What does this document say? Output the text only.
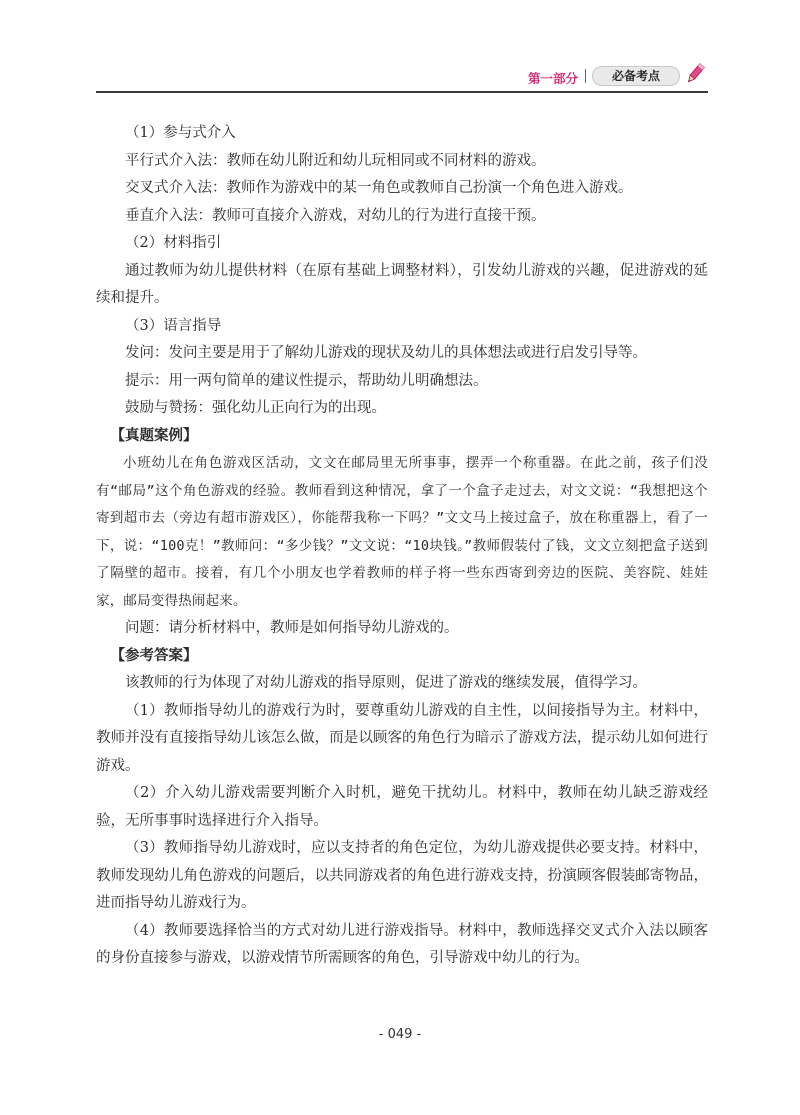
第一部分	必备考点

（1）参与式介入

平行式介入法：教师在幼儿附近和幼儿玩相同或不同材料的游戏。

交叉式介入法：教师作为游戏中的某一角色或教师自己扮演一个角色进入游戏。

垂直介入法：教师可直接介入游戏，对幼儿的行为进行直接干预。

（2）材料指引

通过教师为幼儿提供材料（在原有基础上调整材料），引发幼儿游戏的兴趣，促进游戏的延续和提升。

（3）语言指导

发问：发问主要是用于了解幼儿游戏的现状及幼儿的具体想法或进行启发引导等。

提示：用一两句简单的建议性提示，帮助幼儿明确想法。

鼓励与赞扬：强化幼儿正向行为的出现。

【真题案例】

小班幼儿在角色游戏区活动，文文在邮局里无所事事，摆弄一个称重器。在此之前，孩子们没有“邮局”这个角色游戏的经验。教师看到这种情况，拿了一个盒子走过去，对文文说：“我想把这个寄到超市去（旁边有超市游戏区），你能帮我称一下吗？”文文马上接过盒子，放在称重器上，看了一下，说：“100克！”教师问：“多少钱？”文文说：“10块钱。”教师假装付了钱，文文立刻把盒子送到了隔壁的超市。接着，有几个小朋友也学着教师的样子将一些东西寄到旁边的医院、美容院、娃娃家，邮局变得热闹起来。

问题：请分析材料中，教师是如何指导幼儿游戏的。

【参考答案】

该教师的行为体现了对幼儿游戏的指导原则，促进了游戏的继续发展，值得学习。

（1）教师指导幼儿的游戏行为时，要尊重幼儿游戏的自主性，以间接指导为主。材料中，教师并没有直接指导幼儿该怎么做，而是以顾客的角色行为暗示了游戏方法，提示幼儿如何进行游戏。

（2）介入幼儿游戏需要判断介入时机，避免干扰幼儿。材料中，教师在幼儿缺乏游戏经验，无所事事时选择进行介入指导。

（3）教师指导幼儿游戏时，应以支持者的角色定位，为幼儿游戏提供必要支持。材料中，教师发现幼儿角色游戏的问题后，以共同游戏者的角色进行游戏支持，扮演顾客假装邮寄物品，进而指导幼儿游戏行为。

（4）教师要选择恰当的方式对幼儿进行游戏指导。材料中，教师选择交叉式介入法以顾客的身份直接参与游戏，以游戏情节所需顾客的角色，引导游戏中幼儿的行为。

- 049 -
